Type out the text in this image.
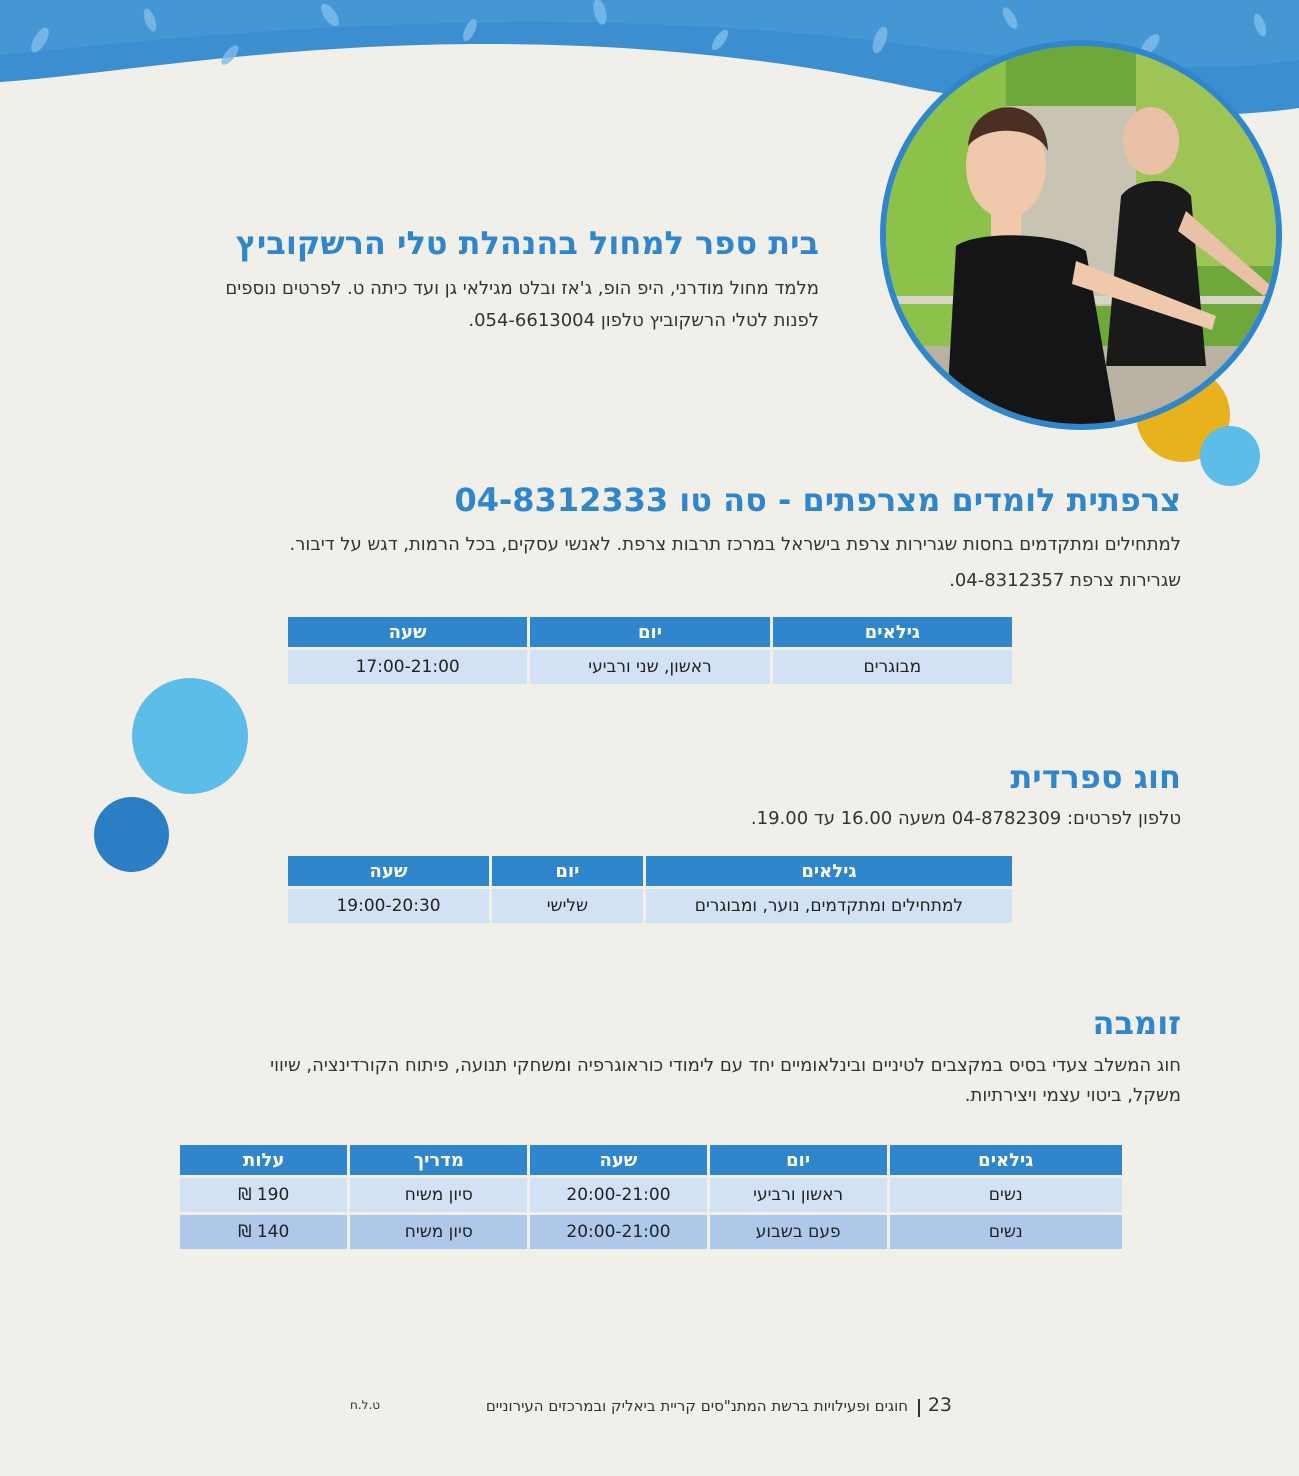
בית ספר למחול בהנהלת טלי הרשקוביץ

מלמד מחול מודרני, היפ הופ, ג'אז ובלט מגילאי גן ועד כיתה ט. לפרטים נוספים

לפנות לטלי הרשקוביץ טלפון 054-6613004.

צרפתית לומדים מצרפתים - סה טו 04-8312333

למתחילים ומתקדמים בחסות שגרירות צרפת בישראל במרכז תרבות צרפת. לאנשי עסקים, בכל הרמות, דגש על דיבור.

שגרירות צרפת 04-8312357.

גילאים	יום	שעה
מבוגרים	ראשון, שני ורביעי	17:00-21:00
חוג ספרדית

טלפון לפרטים: 04-8782309 משעה 16.00 עד 19.00.

גילאים	יום	שעה
למתחילים ומתקדמים, נוער, ומבוגרים	שלישי	19:00-20:30
זומבה

חוג המשלב צעדי בסיס במקצבים לטיניים ובינלאומיים יחד עם לימודי כוראוגרפיה ומשחקי תנועה, פיתוח הקורדינציה, שיווי

משקל, ביטוי עצמי ויצירתיות.

גילאים	יום	שעה	מדריך	עלות
נשים	ראשון ורביעי	20:00-21:00	סיון משיח	190 ₪
נשים	פעם בשבוע	20:00-21:00	סיון משיח	140 ₪
23
חוגים ופעילויות ברשת המתנ"סים קריית ביאליק ובמרכזים העירוניים
ט.ל.ח
